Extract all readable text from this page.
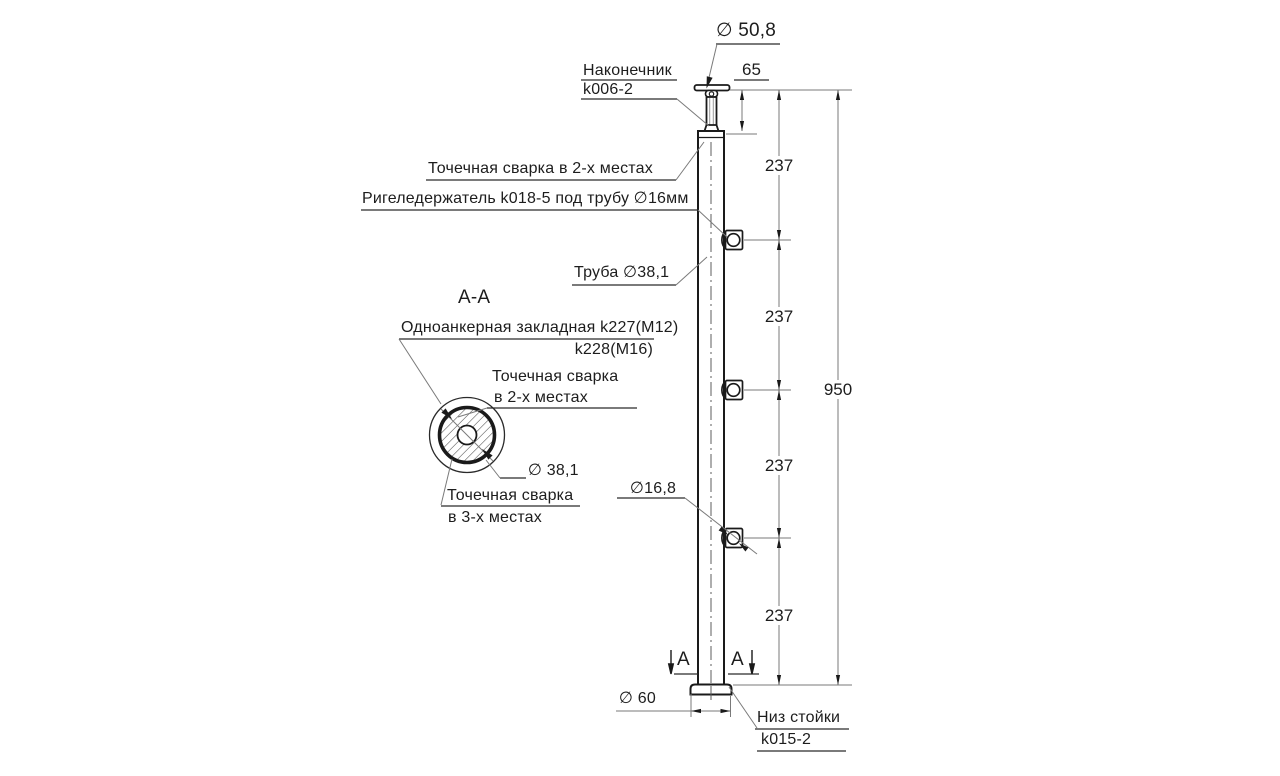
∅ 50,8
Наконечник
k006-2
Точечная сварка в 2-х местах
Ригеледержатель k018-5 под трубу ∅16мм
Труба ∅38,1
А-А
Одноанкерная закладная k227(М12)
k228(М16)
Точечная сварка
в 2-х местах
∅ 38,1
Точечная сварка
в 3-х местах
∅16,8
А А
∅ 60
Низ стойки
k015-2
65
237
237
237
237
950
